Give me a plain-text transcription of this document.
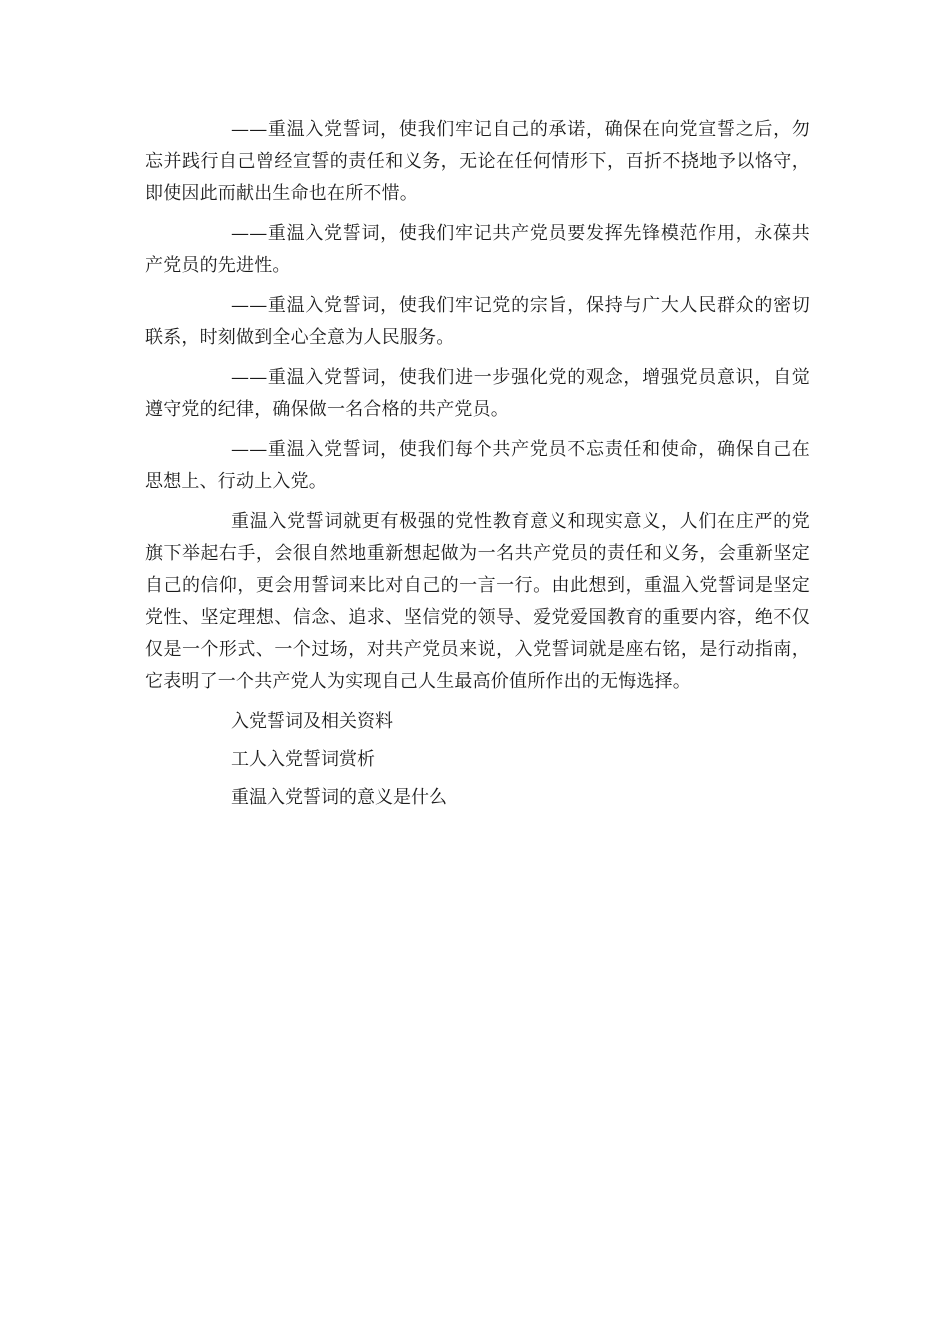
——重温入党誓词，使我们牢记自己的承诺，确保在向党宣誓之后，勿忘并践行自己曾经宣誓的责任和义务，无论在任何情形下，百折不挠地予以恪守，即使因此而献出生命也在所不惜。

——重温入党誓词，使我们牢记共产党员要发挥先锋模范作用，永葆共产党员的先进性。

——重温入党誓词，使我们牢记党的宗旨，保持与广大人民群众的密切联系，时刻做到全心全意为人民服务。

——重温入党誓词，使我们进一步强化党的观念，增强党员意识，自觉遵守党的纪律，确保做一名合格的共产党员。

——重温入党誓词，使我们每个共产党员不忘责任和使命，确保自己在思想上、行动上入党。

重温入党誓词就更有极强的党性教育意义和现实意义，人们在庄严的党旗下举起右手，会很自然地重新想起做为一名共产党员的责任和义务，会重新坚定自己的信仰，更会用誓词来比对自己的一言一行。由此想到，重温入党誓词是坚定党性、坚定理想、信念、追求、坚信党的领导、爱党爱国教育的重要内容，绝不仅仅是一个形式、一个过场，对共产党员来说，入党誓词就是座右铭，是行动指南，它表明了一个共产党人为实现自己人生最高价值所作出的无悔选择。

入党誓词及相关资料
工人入党誓词赏析
重温入党誓词的意义是什么
